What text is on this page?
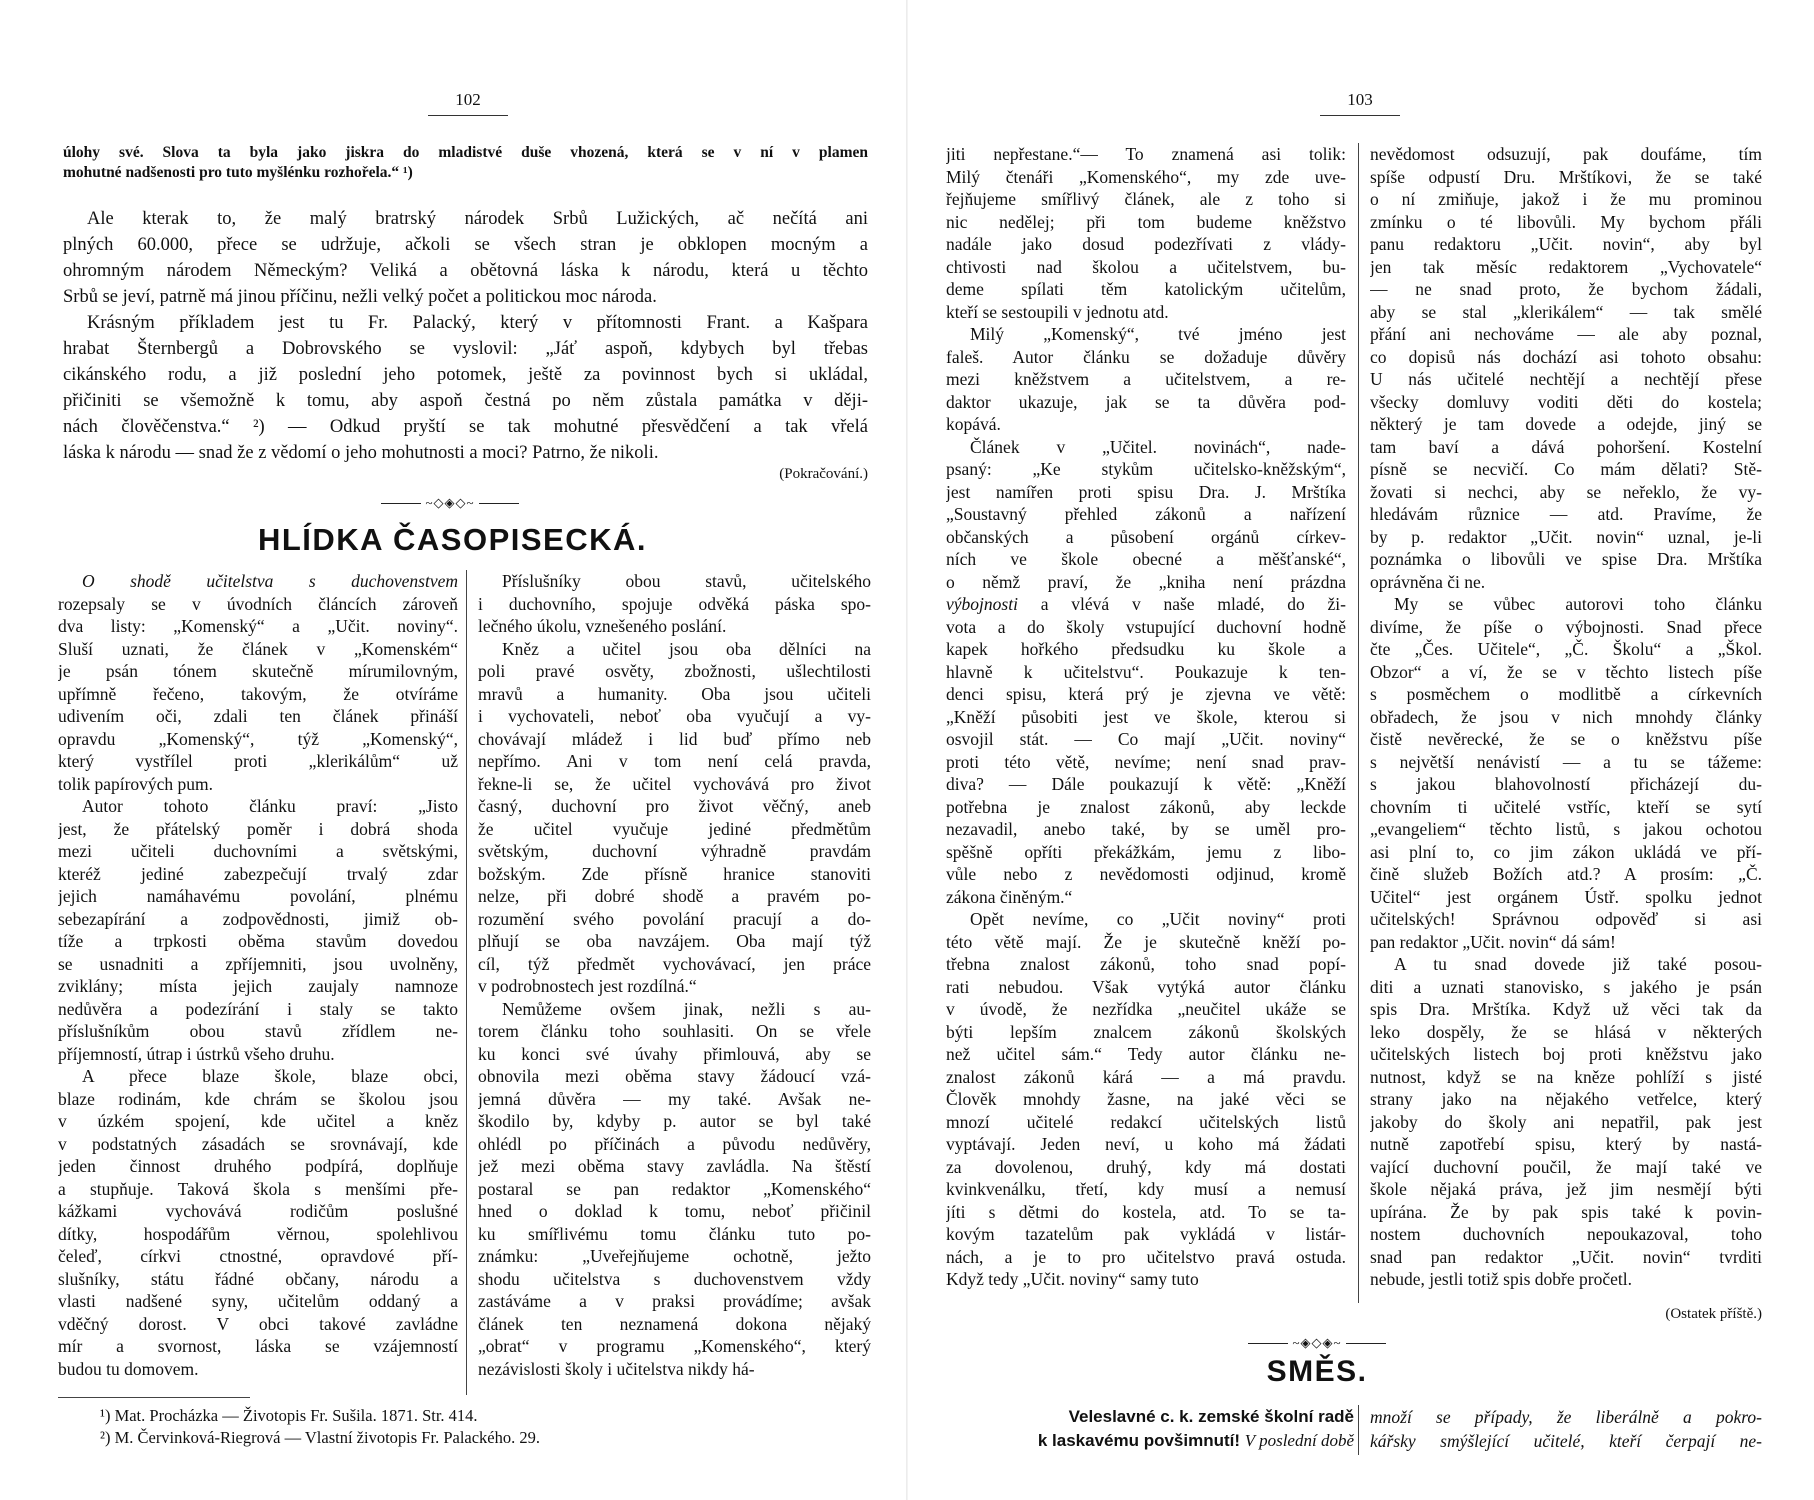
102
úlohy své. Slova ta byla jako jiskra do mladistvé duše vhozená, která se v ní v plamen
mohutné nadšenosti pro tuto myšlénku rozhořela.“ ¹)
Ale kterak to, že malý bratrský národek Srbů Lužických, ač nečítá ani
plných 60.000, přece se udržuje, ačkoli se všech stran je obklopen mocným a
ohromným národem Německým? Veliká a obětovná láska k národu, která u těchto
Srbů se jeví, patrně má jinou příčinu, nežli velký počet a politickou moc národa.
Krásným příkladem jest tu Fr. Palacký, který v přítomnosti Frant. a Kašpara
hrabat Šternbergů a Dobrovského se vyslovil: „Jáť aspoň, kdybych byl třebas
cikánského rodu, a již poslední jeho potomek, ještě za povinnost bych si ukládal,
přičiniti se všemožně k tomu, aby aspoň čestná po něm zůstala památka v ději-
nách člověčenstva.“ ²) — Odkud pryští se tak mohutné přesvědčení a tak vřelá
láska k národu — snad že z vědomí o jeho mohutnosti a moci? Patrno, že nikoli.
(Pokračování.)
~◇◈◇~
HLÍDKA ČASOPISECKÁ.
O shodě učitelstva s duchovenstvem
rozepsaly se v úvodních článcích zároveň
dva listy: „Komenský“ a „Učit. noviny“.
Sluší uznati, že článek v „Komenském“
je psán tónem skutečně mírumilovným,
upřímně řečeno, takovým, že otvíráme
udivením oči, zdali ten článek přináší
opravdu „Komenský“, týž „Komenský“,
který vystřílel proti „klerikálům“ už
tolik papírových pum.
Autor tohoto článku praví: „Jisto
jest, že přátelský poměr i dobrá shoda
mezi učiteli duchovními a světskými,
kteréž jediné zabezpečují trvalý zdar
jejich namáhavému povolání, plnému
sebezapírání a zodpovědnosti, jimiž ob-
tíže a trpkosti oběma stavům dovedou
se usnadniti a zpříjemniti, jsou uvolněny,
zviklány; místa jejich zaujaly namnoze
nedůvěra a podezírání i staly se takto
příslušníkům obou stavů zřídlem ne-
příjemností, útrap i ústrků všeho druhu.
A přece blaze škole, blaze obci,
blaze rodinám, kde chrám se školou jsou
v úzkém spojení, kde učitel a kněz
v podstatných zásadách se srovnávají, kde
jeden činnost druhého podpírá, doplňuje
a stupňuje. Taková škola s menšími pře-
kážkami vychovává rodičům poslušné
dítky, hospodářům věrnou, spolehlivou
čeleď, církvi ctnostné, opravdové pří-
slušníky, státu řádné občany, národu a
vlasti nadšené syny, učitelům oddaný a
vděčný dorost. V obci takové zavládne
mír a svornost, láska se vzájemností
budou tu domovem.
Příslušníky obou stavů, učitelského
i duchovního, spojuje odvěká páska spo-
lečného úkolu, vznešeného poslání.
Kněz a učitel jsou oba dělníci na
poli pravé osvěty, zbožnosti, ušlechtilosti
mravů a humanity. Oba jsou učiteli
i vychovateli, neboť oba vyučují a vy-
chovávají mládež i lid buď přímo neb
nepřímo. Ani v tom není celá pravda,
řekne-li se, že učitel vychovává pro život
časný, duchovní pro život věčný, aneb
že učitel vyučuje jediné předmětům
světským, duchovní výhradně pravdám
božským. Zde přísně hranice stanoviti
nelze, při dobré shodě a pravém po-
rozumění svého povolání pracují a do-
plňují se oba navzájem. Oba mají týž
cíl, týž předmět vychovávací, jen práce
v podrobnostech jest rozdílná.“
Nemůžeme ovšem jinak, nežli s au-
torem článku toho souhlasiti. On se vřele
ku konci své úvahy přimlouvá, aby se
obnovila mezi oběma stavy žádoucí vzá-
jemná důvěra — my také. Avšak ne-
škodilo by, kdyby p. autor se byl také
ohlédl po příčinách a původu nedůvěry,
jež mezi oběma stavy zavládla. Na štěstí
postaral se pan redaktor „Komenského“
hned o doklad k tomu, neboť přičinil
ku smířlivému tomu článku tuto po-
známku: „Uveřejňujeme ochotně, ježto
shodu učitelstva s duchovenstvem vždy
zastáváme a v praksi provádíme; avšak
článek ten neznamená dokona nějaký
„obrat“ v programu „Komenského“, který
nezávislosti školy i učitelstva nikdy há-
¹) Mat. Procházka — Životopis Fr. Sušila. 1871. Str. 414.
²) M. Červinková-Riegrová — Vlastní životopis Fr. Palackého. 29.
103
jiti nepřestane.“— To znamená asi tolik:
Milý čtenáři „Komenského“, my zde uve-
řejňujeme smířlivý článek, ale z toho si
nic nedělej; při tom budeme kněžstvo
nadále jako dosud podezřívati z vlády-
chtivosti nad školou a učitelstvem, bu-
deme spílati těm katolickým učitelům,
kteří se sestoupili v jednotu atd.
Milý „Komenský“, tvé jméno jest
faleš. Autor článku se dožaduje důvěry
mezi kněžstvem a učitelstvem, a re-
daktor ukazuje, jak se ta důvěra pod-
kopává.
Článek v „Učitel. novinách“, nade-
psaný: „Ke stykům učitelsko-kněžským“,
jest namířen proti spisu Dra. J. Mrštíka
„Soustavný přehled zákonů a nařízení
občanských a působení orgánů církev-
ních ve škole obecné a měšťanské“,
o němž praví, že „kniha není prázdna
výbojnosti a vlévá v naše mladé, do ži-
vota a do školy vstupující duchovní hodně
kapek hořkého předsudku ku škole a
hlavně k učitelstvu“. Poukazuje k ten-
denci spisu, která prý je zjevna ve větě:
„Kněží působiti jest ve škole, kterou si
osvojil stát. — Co mají „Učit. noviny“
proti této větě, nevíme; není snad prav-
diva? — Dále poukazují k větě: „Kněží
potřebna je znalost zákonů, aby leckde
nezavadil, anebo také, by se uměl pro-
spěšně opříti překážkám, jemu z libo-
vůle nebo z nevědomosti odjinud, kromě
zákona činěným.“
Opět nevíme, co „Učit noviny“ proti
této větě mají. Že je skutečně kněží po-
třebna znalost zákonů, toho snad popí-
rati nebudou. Však vytýká autor článku
v úvodě, že nezřídka „neučitel ukáže se
býti lepším znalcem zákonů školských
než učitel sám.“ Tedy autor článku ne-
znalost zákonů kárá — a má pravdu.
Člověk mnohdy žasne, na jaké věci se
mnozí učitelé redakcí učitelských listů
vyptávají. Jeden neví, u koho má žádati
za dovolenou, druhý, kdy má dostati
kvinkvenálku, třetí, kdy musí a nemusí
jíti s dětmi do kostela, atd. To se ta-
kovým tazatelům pak vykládá v listár-
nách, a je to pro učitelstvo pravá ostuda.
Když tedy „Učit. noviny“ samy tuto
nevědomost odsuzují, pak doufáme, tím
spíše odpustí Dru. Mrštíkovi, že se také
o ní zmiňuje, jakož i že mu prominou
zmínku o té libovůli. My bychom přáli
panu redaktoru „Učit. novin“, aby byl
jen tak měsíc redaktorem „Vychovatele“
— ne snad proto, že bychom žádali,
aby se stal „klerikálem“ — tak smělé
přání ani nechováme — ale aby poznal,
co dopisů nás dochází asi tohoto obsahu:
U nás učitelé nechtějí a nechtějí přese
všecky domluvy voditi děti do kostela;
některý je tam dovede a odejde, jiný se
tam baví a dává pohoršení. Kostelní
písně se necvičí. Co mám dělati? Stě-
žovati si nechci, aby se neřeklo, že vy-
hledávám různice — atd. Pravíme, že
by p. redaktor „Učit. novin“ uznal, je-li
poznámka o libovůli ve spise Dra. Mrštíka
oprávněna či ne.
My se vůbec autorovi toho článku
divíme, že píše o výbojnosti. Snad přece
čte „Čes. Učitele“, „Č. Školu“ a „Škol.
Obzor“ a ví, že se v těchto listech píše
s posměchem o modlitbě a církevních
obřadech, že jsou v nich mnohdy články
čistě nevěrecké, že se o kněžstvu píše
s největší nenávistí — a tu se tážeme:
s jakou blahovolností přicházejí du-
chovním ti učitelé vstříc, kteří se sytí
„evangeliem“ těchto listů, s jakou ochotou
asi plní to, co jim zákon ukládá ve pří-
čině služeb Božích atd.? A prosím: „Č.
Učitel“ jest orgánem Ústř. spolku jednot
učitelských! Správnou odpověď si asi
pan redaktor „Učit. novin“ dá sám!
A tu snad dovede již také posou-
diti a uznati stanovisko, s jakého je psán
spis Dra. Mrštíka. Když už věci tak da
leko dospěly, že se hlásá v některých
učitelských listech boj proti kněžstvu jako
nutnost, když se na kněze pohlíží s jisté
strany jako na nějakého vetřelce, který
jakoby do školy ani nepatřil, pak jest
nutně zapotřebí spisu, který by nastá-
vající duchovní poučil, že mají také ve
škole nějaká práva, jež jim nesmějí býti
upírána. Že by pak spis také k povin-
nostem duchovních nepoukazoval, toho
snad pan redaktor „Učit. novin“ tvrditi
nebude, jestli totiž spis dobře pročetl.
(Ostatek příště.)
~◈◇◈~
SMĚS.
Veleslavné c. k. zemské školní radě
k laskavému povšimnutí! V poslední době
množí se případy, že liberálně a pokro-
kářsky smýšlející učitelé, kteří čerpají ne-
